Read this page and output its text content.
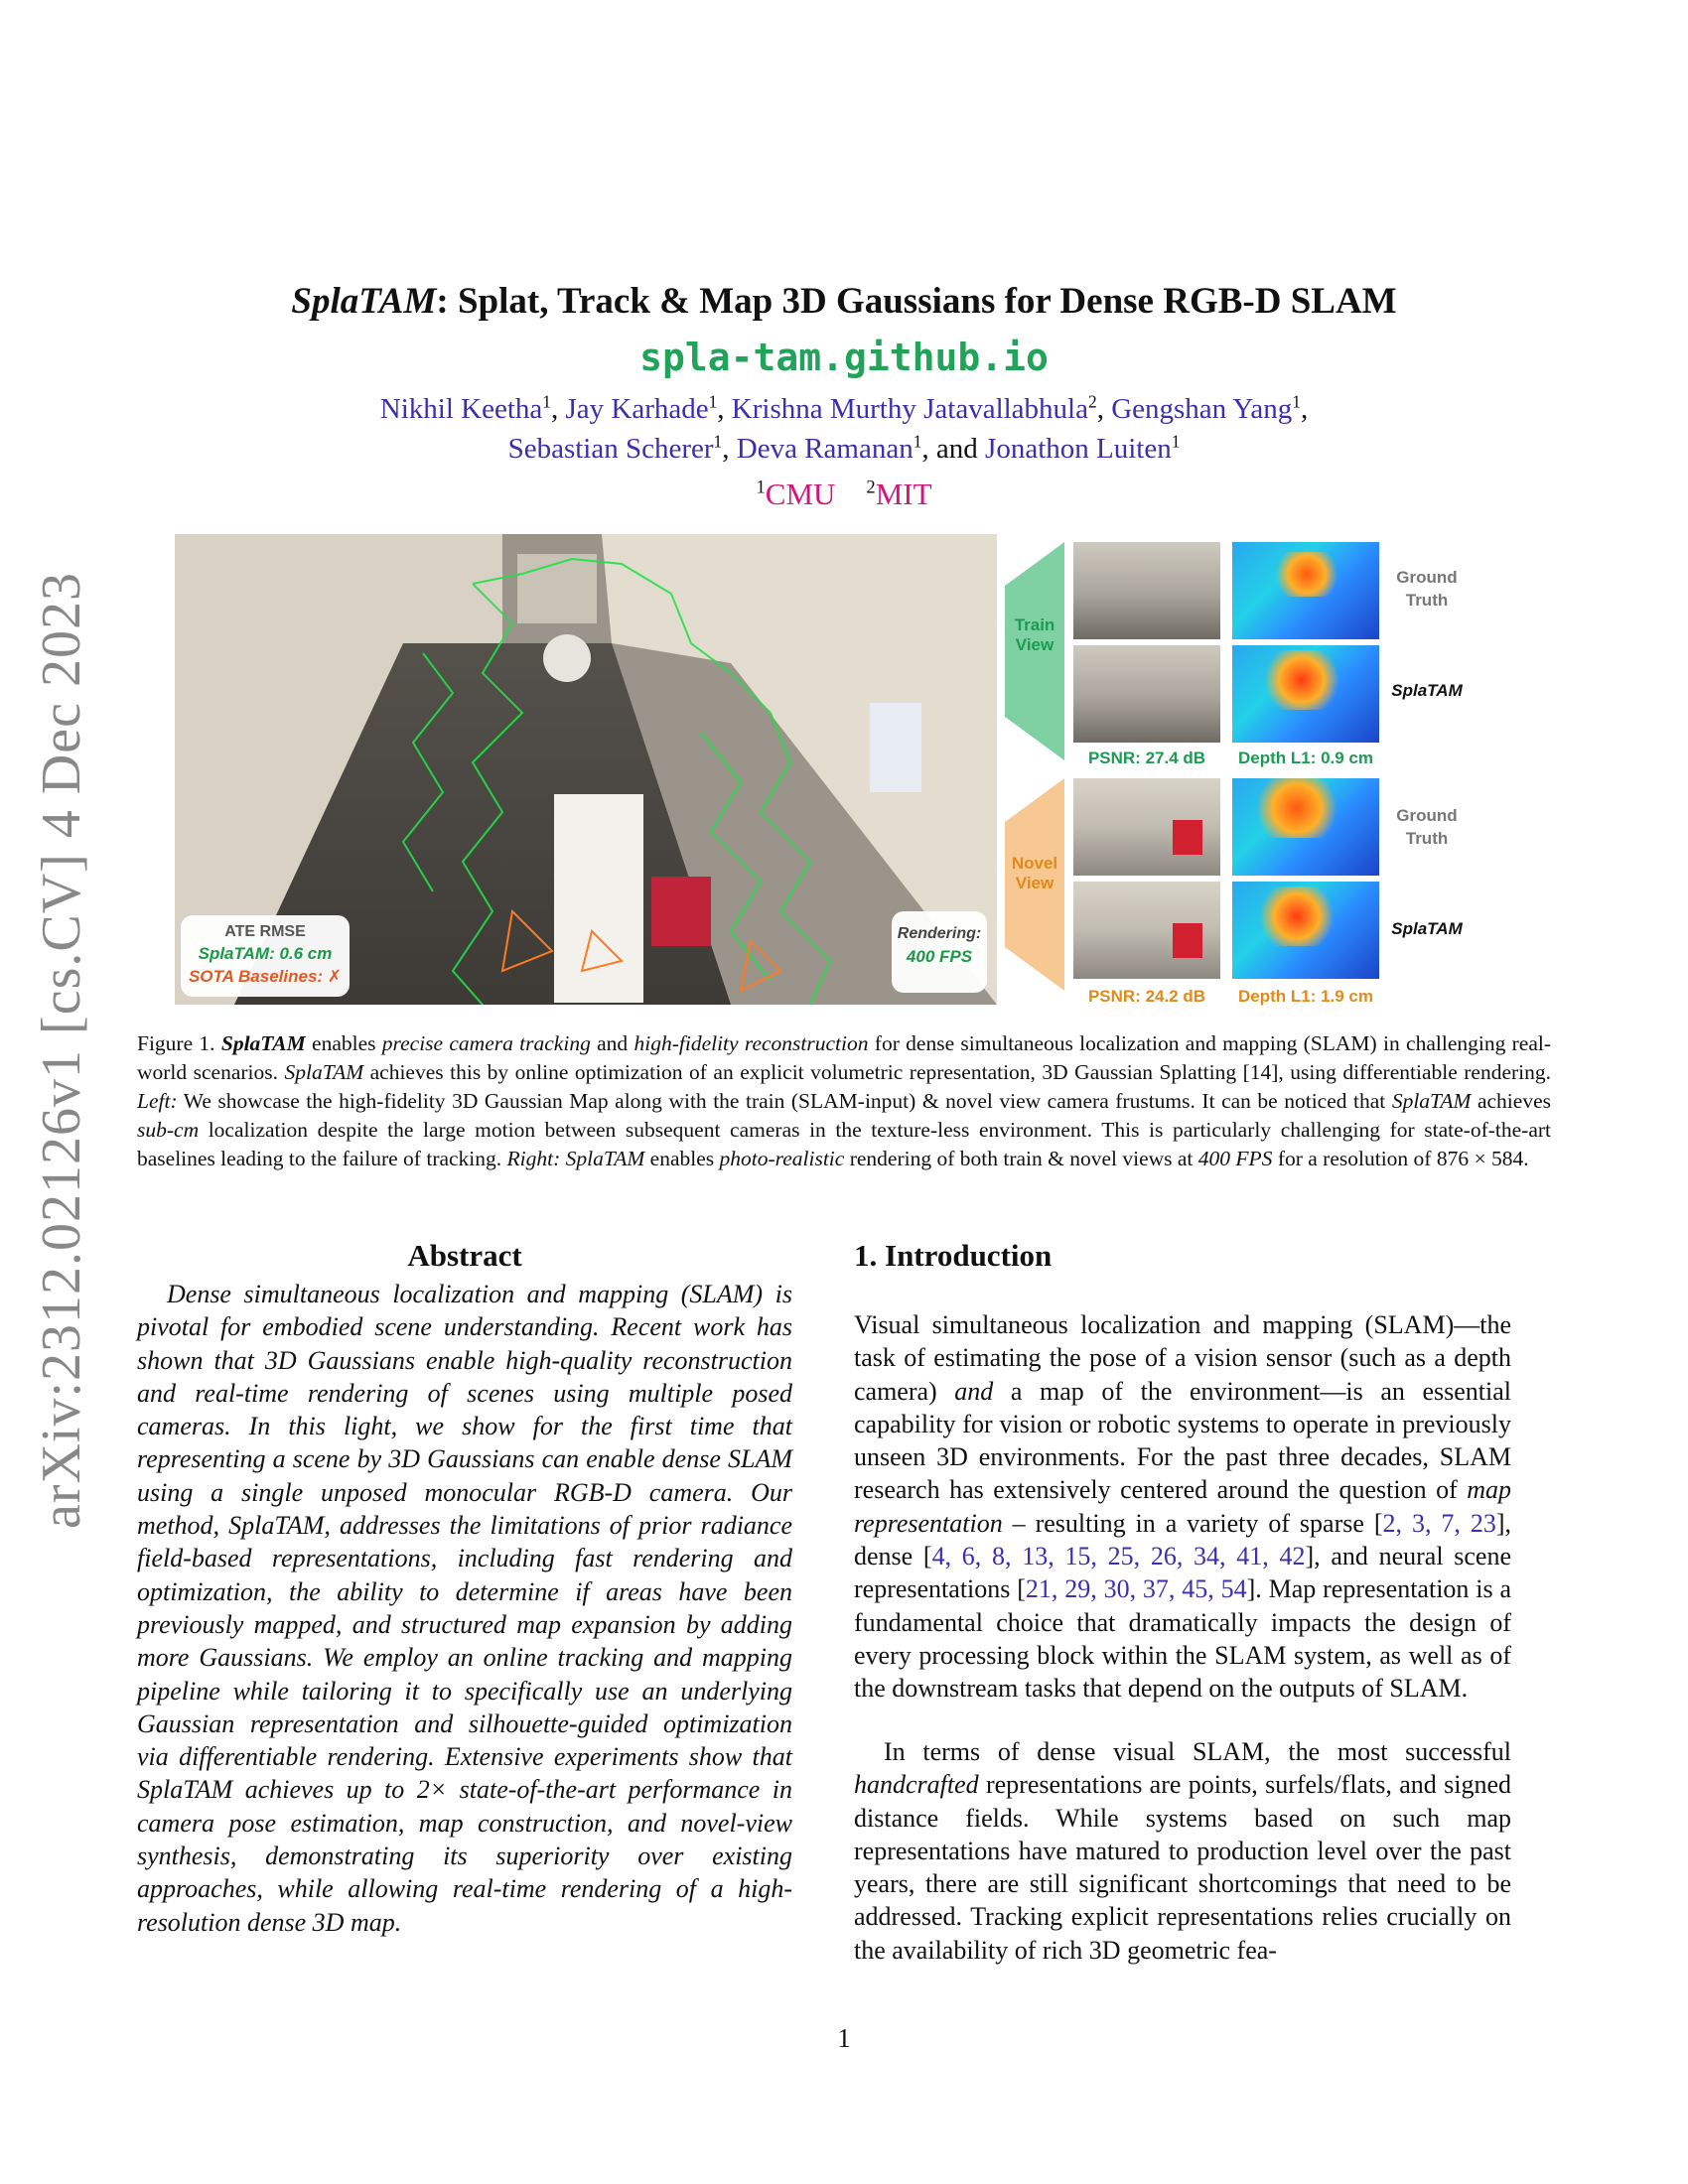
SplaTAM: Splat, Track & Map 3D Gaussians for Dense RGB-D SLAM
spla-tam.github.io
Nikhil Keetha$^1$, Jay Karhade$^1$, Krishna Murthy Jatavallabhula$^2$, Gengshan Yang$^1$,
Sebastian Scherer$^1$, Deva Ramanan$^1$, and Jonathon Luiten$^1$
$^1$CMU $^2$MIT
arXiv:2312.02126v1 [cs.CV] 4 Dec 2023	ATE RMSE
SplaTAM: 0.6 cm
SOTA Baselines: ✗
Rendering:
400 FPS
Train View
Novel View
PSNR: 27.4 dB	Depth L1: 0.9 cm
PSNR: 24.2 dB	Depth L1: 1.9 cm
Ground Truth
SplaTAM
Ground Truth
SplaTAM
Figure 1. SplaTAM enables precise camera tracking and high-fidelity reconstruction for dense simultaneous localization and mapping (SLAM) in challenging real-world scenarios. SplaTAM achieves this by online optimization of an explicit volumetric representation, 3D Gaussian Splatting [14], using differentiable rendering. Left: We showcase the high-fidelity 3D Gaussian Map along with the train (SLAM-input) & novel view camera frustums. It can be noticed that SplaTAM achieves sub-cm localization despite the large motion between subsequent cameras in the texture-less environment. This is particularly challenging for state-of-the-art baselines leading to the failure of tracking. Right: SplaTAM enables photo-realistic rendering of both train & novel views at 400 FPS for a resolution of 876 × 584.
Abstract
Dense simultaneous localization and mapping (SLAM) is pivotal for embodied scene understanding. Recent work has shown that 3D Gaussians enable high-quality reconstruction and real-time rendering of scenes using multiple posed cameras. In this light, we show for the first time that representing a scene by 3D Gaussians can enable dense SLAM using a single unposed monocular RGB-D camera. Our method, SplaTAM, addresses the limitations of prior radiance field-based representations, including fast rendering and optimization, the ability to determine if areas have been previously mapped, and structured map expansion by adding more Gaussians. We employ an online tracking and mapping pipeline while tailoring it to specifically use an underlying Gaussian representation and silhouette-guided optimization via differentiable rendering. Extensive experiments show that SplaTAM achieves up to 2× state-of-the-art performance in camera pose estimation, map construction, and novel-view synthesis, demonstrating its superiority over existing approaches, while allowing real-time rendering of a high-resolution dense 3D map.
1. Introduction
Visual simultaneous localization and mapping (SLAM)—the task of estimating the pose of a vision sensor (such as a depth camera) and a map of the environment—is an essential capability for vision or robotic systems to operate in previously unseen 3D environments. For the past three decades, SLAM research has extensively centered around the question of map representation – resulting in a variety of sparse [2, 3, 7, 23], dense [4, 6, 8, 13, 15, 25, 26, 34, 41, 42], and neural scene representations [21, 29, 30, 37, 45, 54]. Map representation is a fundamental choice that dramatically impacts the design of every processing block within the SLAM system, as well as of the downstream tasks that depend on the outputs of SLAM.
In terms of dense visual SLAM, the most successful handcrafted representations are points, surfels/flats, and signed distance fields. While systems based on such map representations have matured to production level over the past years, there are still significant shortcomings that need to be addressed. Tracking explicit representations relies crucially on the availability of rich 3D geometric fea-
1
